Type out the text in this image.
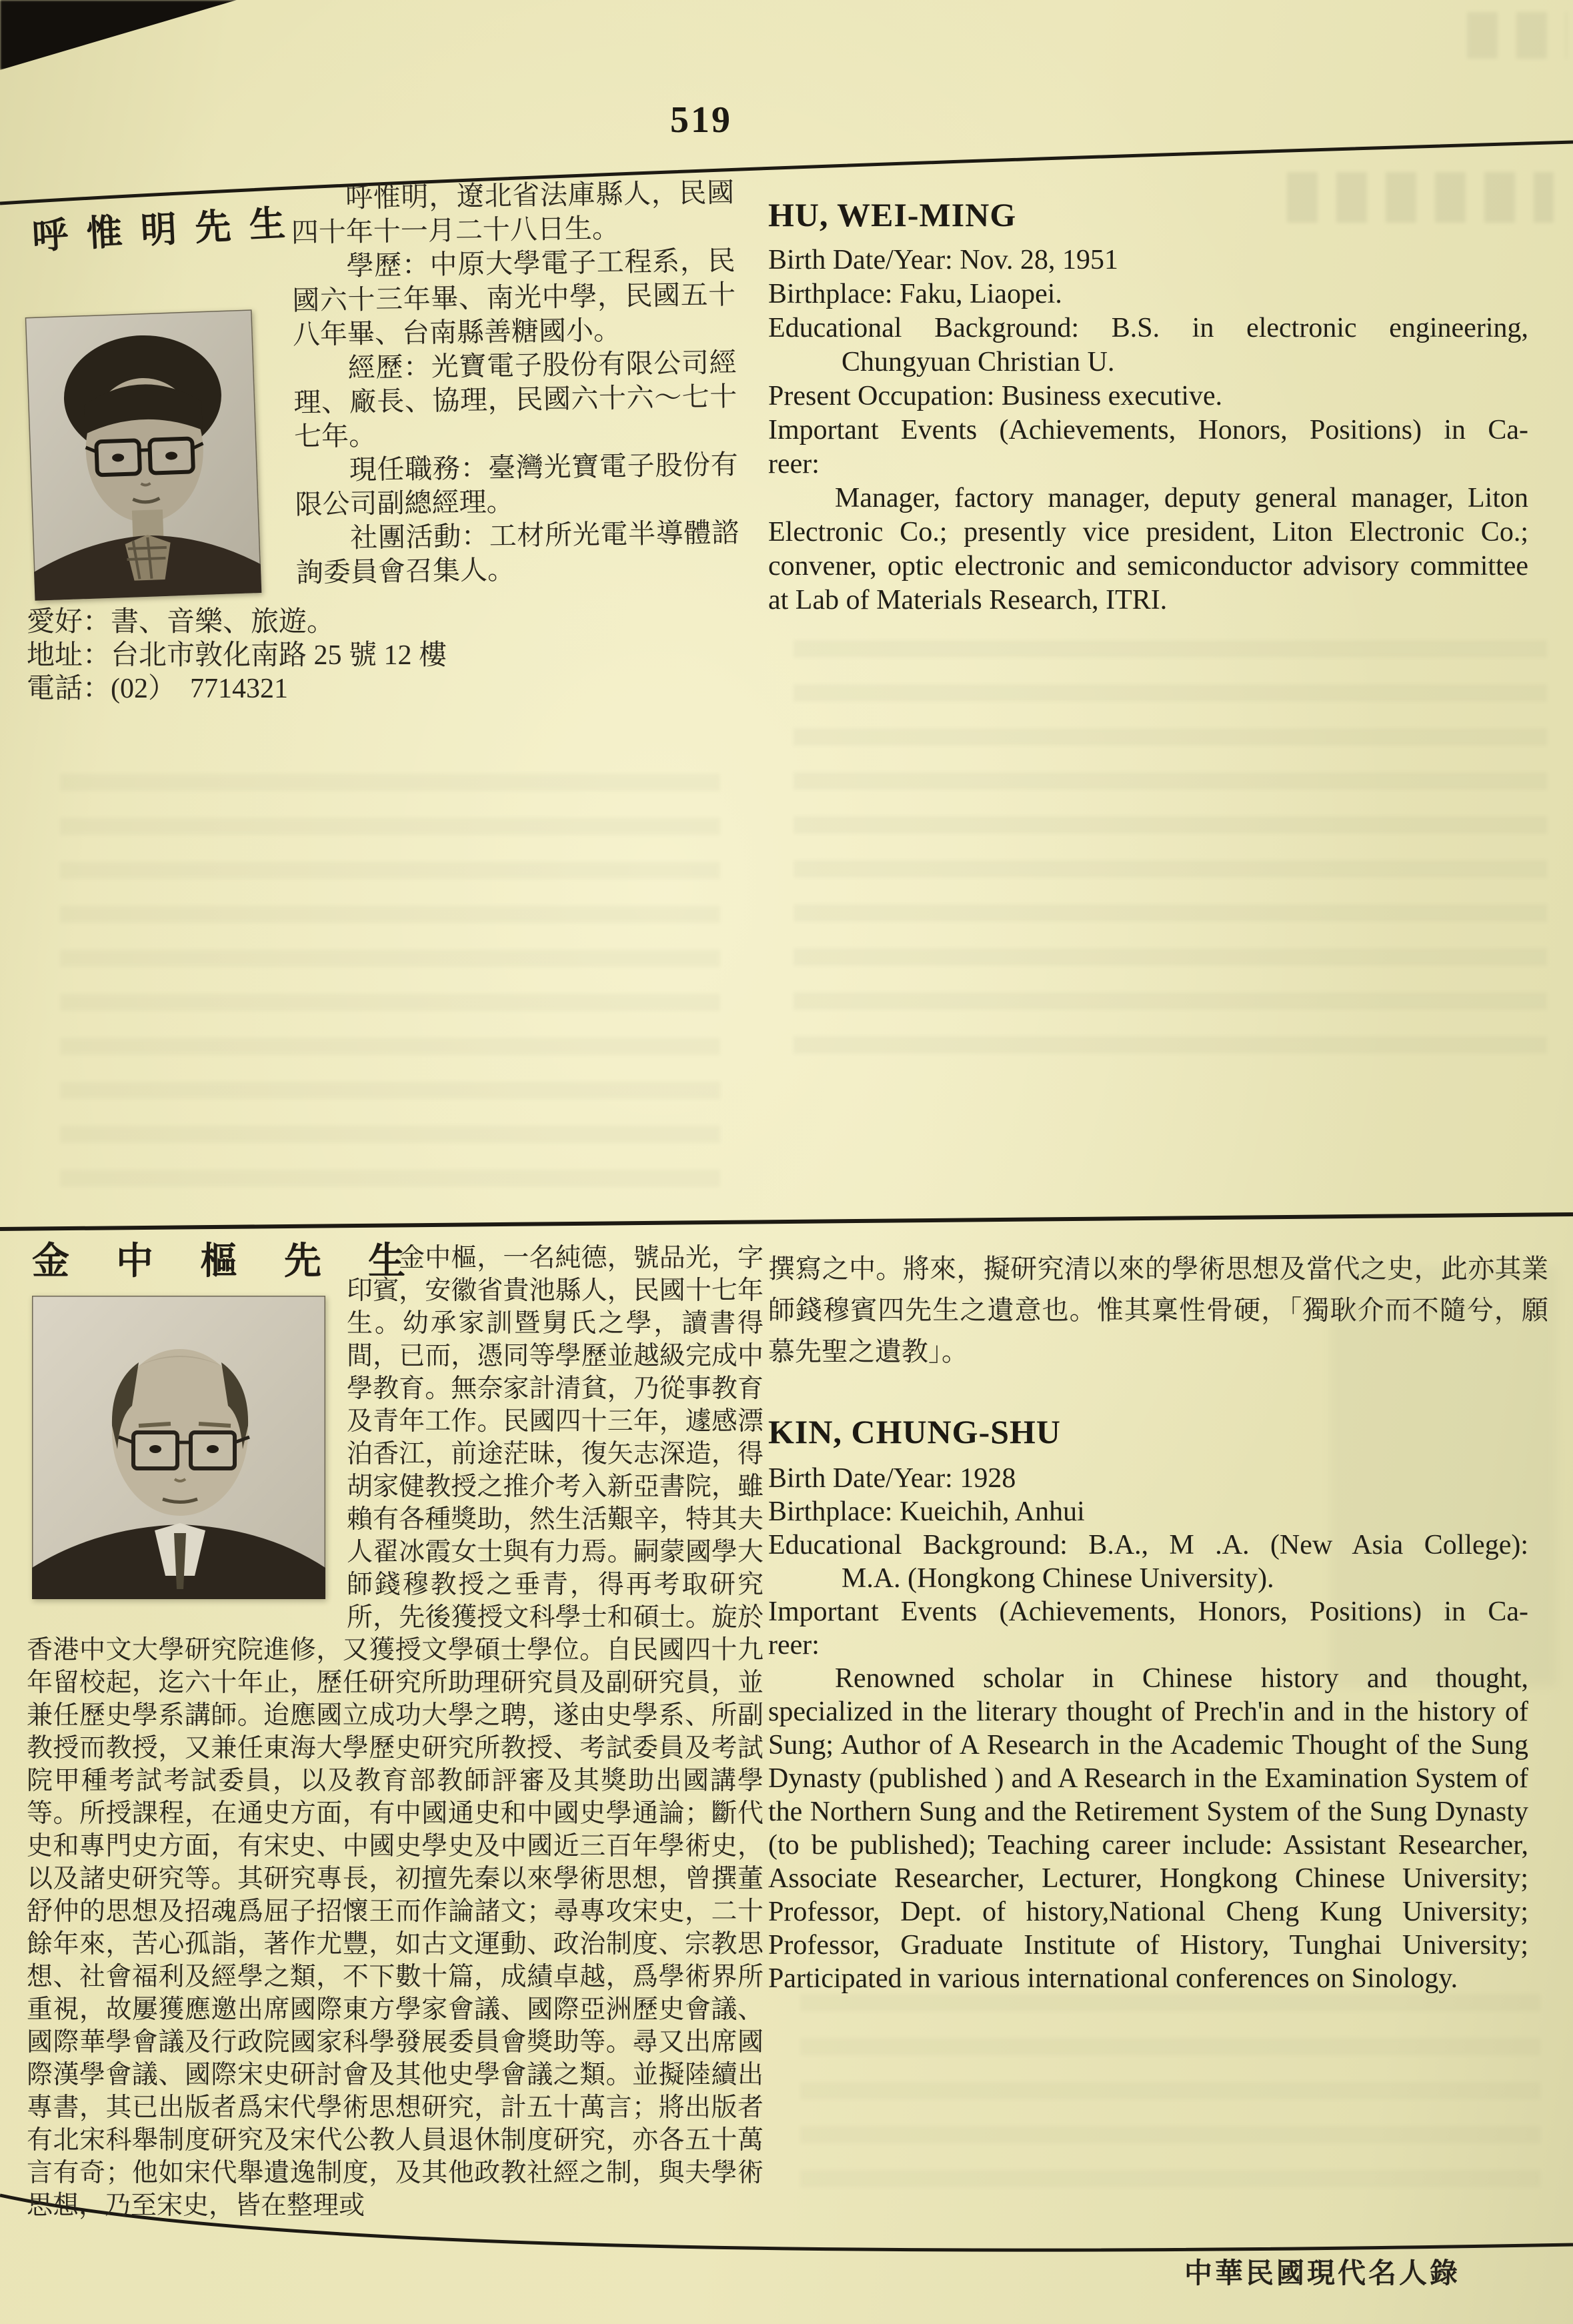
519
呼 惟 明 先 生

呼惟明，遼北省法庫縣人，民國四十年十一月二十八日生。

學歷：中原大學電子工程系，民國六十三年畢、南光中學，民國五十八年畢、台南縣善糖國小。

經歷：光寶電子股份有限公司經理、廠長、協理，民國六十六～七十七年。

現任職務：臺灣光寶電子股份有限公司副總經理。

社團活動：工材所光電半導體諮詢委員會召集人。

愛好：書、音樂、旅遊。
地址：台北市敦化南路 25 號 12 樓
電話：(02）　7714321
HU, WEI-MING
Birth Date/Year: Nov. 28, 1951
Birthplace: Faku, Liaopei.
Educational Background: B.S. in electronic engineering,
Chungyuan Christian U.
Present Occupation: Business executive.
Important Events (Achievements, Honors, Positions) in Ca-
reer:
Manager, factory manager, deputy general manager, Liton Electronic Co.; presently vice president, Liton Electronic Co.; convener, optic electronic and semiconductor advisory committee at Lab of Materials Research, ITRI.
金 中 樞 先 生

金中樞，一名純德，號品光，字印賓，安徽省貴池縣人，民國十七年生。幼承家訓暨舅氏之學，讀書得間，已而，憑同等學歷並越級完成中學教育。無奈家計清貧，乃從事教育及青年工作。民國四十三年，遽感漂泊香江，前途茫昧，復矢志深造，得胡家健教授之推介考入新亞書院，雖賴有各種獎助，然生活艱辛，特其夫人翟冰霞女士與有力焉。嗣蒙國學大師錢穆教授之垂青，得再考取研究所，先後獲授文科學士和碩士。旋於香港中文大學研究院進修，又獲授文學碩士學位。自民國四十九年留校起，迄六十年止，歷任研究所助理研究員及副研究員，並兼任歷史學系講師。迨應國立成功大學之聘，遂由史學系、所副教授而教授，又兼任東海大學歷史研究所教授、考試委員及考試院甲種考試考試委員，以及教育部教師評審及其獎助出國講學等。所授課程，在通史方面，有中國通史和中國史學通論；斷代史和專門史方面，有宋史、中國史學史及中國近三百年學術史，以及諸史研究等。其研究專長，初擅先秦以來學術思想，曾撰董舒仲的思想及招魂爲屈子招懷王而作論諸文；尋專攻宋史，二十餘年來，苦心孤詣，著作尤豐，如古文運動、政治制度、宗教思想、社會福利及經學之類，不下數十篇，成績卓越，爲學術界所重視，故屢獲應邀出席國際東方學家會議、國際亞洲歷史會議、國際華學會議及行政院國家科學發展委員會獎助等。尋又出席國際漢學會議、國際宋史研討會及其他史學會議之類。並擬陸續出專書，其已出版者爲宋代學術思想研究，計五十萬言；將出版者有北宋科舉制度研究及宋代公教人員退休制度研究，亦各五十萬言有奇；他如宋代舉遺逸制度，及其他政教社經之制，與夫學術思想，乃至宋史，皆在整理或

撰寫之中。將來，擬研究清以來的學術思想及當代之史，此亦其業師錢穆賓四先生之遺意也。惟其稟性骨硬，「獨耿介而不隨兮，願慕先聖之遺教」。

KIN, CHUNG-SHU
Birth Date/Year: 1928
Birthplace: Kueichih, Anhui
Educational Background: B.A., M .A. (New Asia College):
M.A. (Hongkong Chinese University).
Important Events (Achievements, Honors, Positions) in Ca-
reer:
Renowned scholar in Chinese history and thought, specialized in the literary thought of Prech'in and in the history of Sung; Author of A Research in the Academic Thought of the Sung Dynasty (published ) and A Research in the Examination System of the Northern Sung and the Retirement System of the Sung Dynasty (to be published); Teaching career include: Assistant Researcher, Associate Researcher, Lecturer, Hongkong Chinese University; Professor, Dept. of history,National Cheng Kung University; Professor, Graduate Institute of History, Tunghai University; Participated in various international conferences on Sinology.
中華民國現代名人錄
